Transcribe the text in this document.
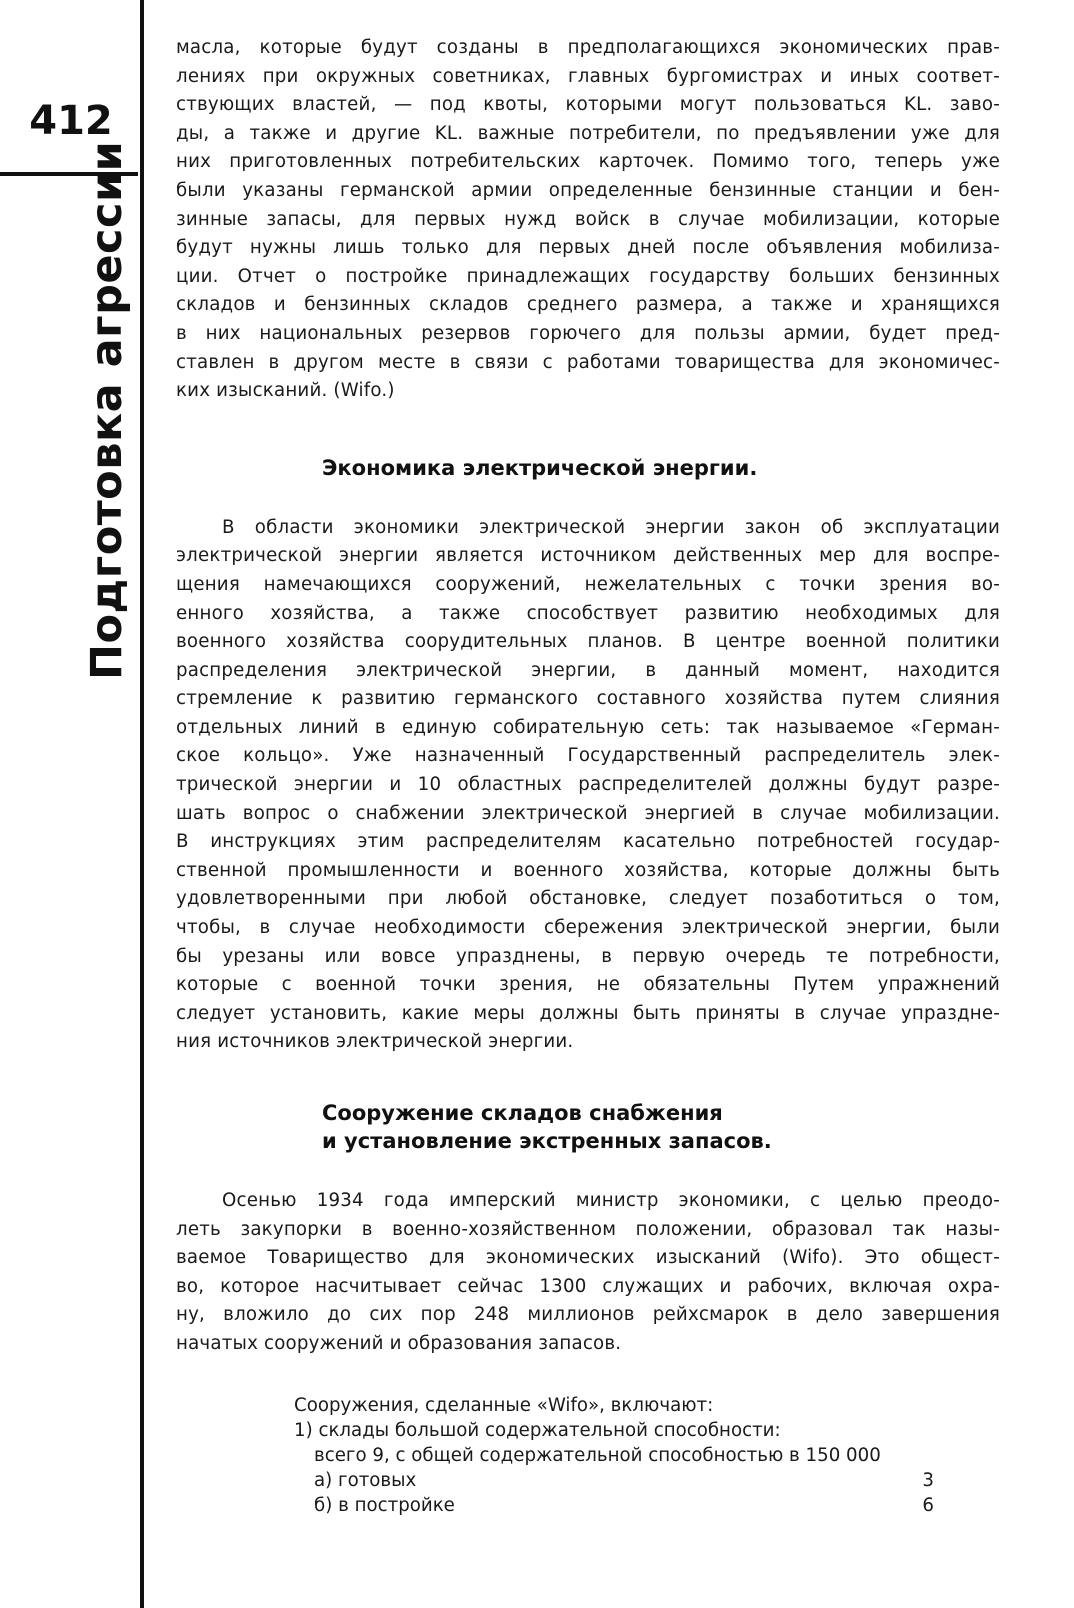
412
Подготовка агрессии
масла, которые будут созданы в предполагающихся экономических прав-
лениях при окружных советниках, главных бургомистрах и иных соответ-
ствующих властей, — под квоты, которыми могут пользоваться KL. заво-
ды, а также и другие KL. важные потребители, по предъявлении уже для
них приготовленных потребительских карточек. Помимо того, теперь уже
были указаны германской армии определенные бензинные станции и бен-
зинные запасы, для первых нужд войск в случае мобилизации, которые
будут нужны лишь только для первых дней после объявления мобилиза-
ции. Отчет о постройке принадлежащих государству больших бензинных
складов и бензинных складов среднего размера, а также и хранящихся
в них национальных резервов горючего для пользы армии, будет пред-
ставлен в другом месте в связи с работами товарищества для экономичес-
ких изысканий. (Wifo.)
Экономика электрической энергии.
В области экономики электрической энергии закон об эксплуатации
электрической энергии является источником действенных мер для воспре-
щения намечающихся сооружений, нежелательных с точки зрения во-
енного хозяйства, а также способствует развитию необходимых для
военного хозяйства соорудительных планов. В центре военной политики
распределения электрической энергии, в данный момент, находится
стремление к развитию германского составного хозяйства путем слияния
отдельных линий в единую собирательную сеть: так называемое «Герман-
ское кольцо». Уже назначенный Государственный распределитель элек-
трической энергии и 10 областных распределителей должны будут разре-
шать вопрос о снабжении электрической энергией в случае мобилизации.
В инструкциях этим распределителям касательно потребностей государ-
ственной промышленности и военного хозяйства, которые должны быть
удовлетворенными при любой обстановке, следует позаботиться о том,
чтобы, в случае необходимости сбережения электрической энергии, были
бы урезаны или вовсе упразднены, в первую очередь те потребности,
которые с военной точки зрения, не обязательны Путем упражнений
следует установить, какие меры должны быть приняты в случае упраздне-
ния источников электрической энергии.
Сооружение складов снабжения
и установление экстренных запасов.
Осенью 1934 года имперский министр экономики, с целью преодо-
леть закупорки в военно-хозяйственном положении, образовал так назы-
ваемое Товарищество для экономических изысканий (Wifo). Это общест-
во, которое насчитывает сейчас 1300 служащих и рабочих, включая охра-
ну, вложило до сих пор 248 миллионов рейхсмарок в дело завершения
начатых сооружений и образования запасов.
Сооружения, сделанные «Wifo», включают:
1) склады большой содержательной способности:
всего 9, с общей содержательной способностью в 150 000
а) готовых	3
б) в постройке	6
